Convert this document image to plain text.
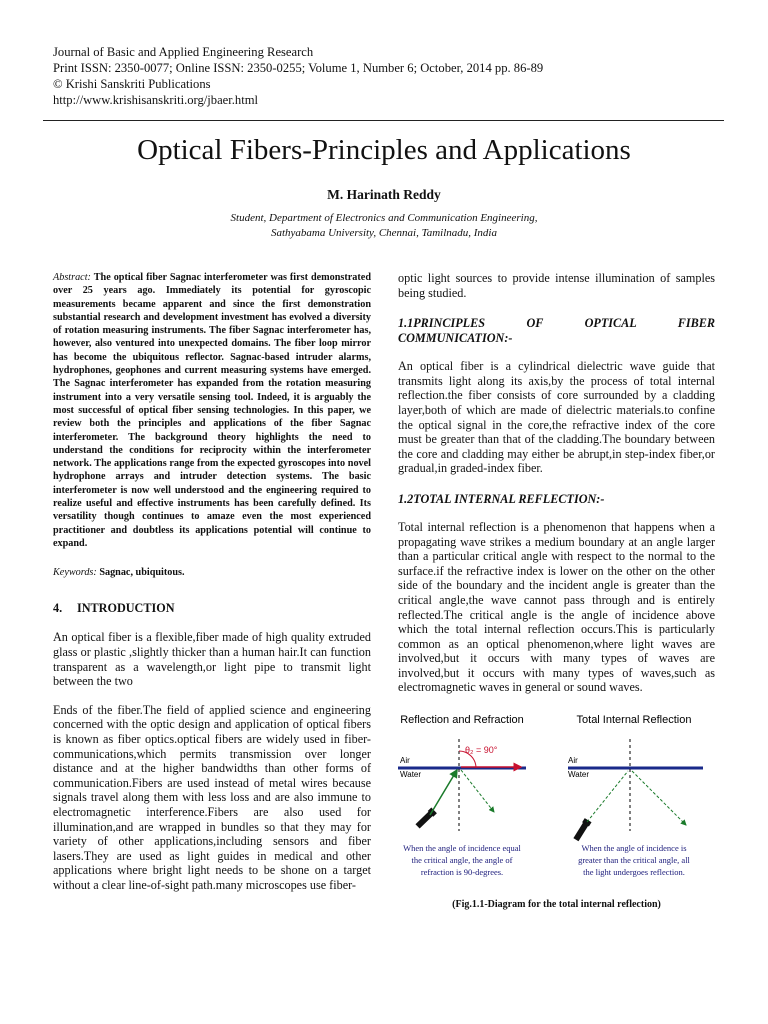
Journal of Basic and Applied Engineering Research
Print ISSN: 2350-0077; Online ISSN: 2350-0255; Volume 1, Number 6; October, 2014 pp. 86-89
© Krishi Sanskriti Publications
http://www.krishisanskriti.org/jbaer.html
Optical Fibers-Principles and Applications
M. Harinath Reddy
Student, Department of Electronics and Communication Engineering,
Sathyabama University, Chennai, Tamilnadu, India

Abstract: The optical fiber Sagnac interferometer was first demonstrated over 25 years ago. Immediately its potential for gyroscopic measurements became apparent and since the first demonstration substantial research and development investment has evolved a diversity of rotation measuring instruments. The fiber Sagnac interferometer has, however, also ventured into unexpected domains. The fiber loop mirror has become the ubiquitous reflector. Sagnac-based intruder alarms, hydrophones, geophones and current measuring systems have emerged. The Sagnac interferometer has expanded from the rotation measuring instrument into a very versatile sensing tool. Indeed, it is arguably the most successful of optical fiber sensing technologies. In this paper, we review both the principles and applications of the fiber Sagnac interferometer. The background theory highlights the need to understand the conditions for reciprocity within the interferometer network. The applications range from the expected gyroscopes into novel hydrophone arrays and intruder detection systems. The basic interferometer is now well understood and the engineering required to realize useful and effective instruments has been carefully defined. Its versatility though continues to amaze even the most experienced practitioner and doubtless its applications potential will continue to expand.

Keywords: Sagnac, ubiquitous.

4. INTRODUCTION

An optical fiber is a flexible,fiber made of high quality extruded glass or plastic ,slightly thicker than a human hair.It can function transparent as a wavelength,or light pipe to transmit light between the two

Ends of the fiber.The field of applied science and engineering concerned with the optic design and application of optical fibers is known as fiber optics.optical fibers are widely used in fiber-communications,which permits transmission over longer distance and at the higher bandwidths than other forms of communication.Fibers are used instead of metal wires because signals travel along them with less loss and are also immune to electromagnetic interference.Fibers are also used for illumination,and are wrapped in bundles so that they may for variety of other applications,including sensors and fiber lasers.They are used as light guides in medical and other applications where bright light needs to be shone on a target without a clear line-of-sight path.many microscopes use fiber-

optic light sources to provide intense illumination of samples being studied.

1.1PRINCIPLES OF OPTICAL FIBER COMMUNICATION:-

An optical fiber is a cylindrical dielectric wave guide that transmits light along its axis,by the process of total internal reflection.the fiber consists of core surrounded by a cladding layer,both of which are made of dielectric materials.to confine the optical signal in the core,the refractive index of the core must be greater than that of the cladding.The boundary between the core and cladding may either be abrupt,in step-index fiber,or gradual,in graded-index fiber.

1.2TOTAL INTERNAL REFLECTION:-

Total internal reflection is a phenomenon that happens when a propagating wave strikes a medium boundary at an angle larger than a particular critical angle with respect to the normal to the surface.if the refractive index is lower on the other on the other side of the boundary and the incident angle is greater than the critical angle,the wave cannot pass through and is entirely reflected.The critical angle is the angle of incidence above which the total internal reflection occurs.This is particularly common as an optical phenomenon,where light waves are involved,but it occurs with many types of waves are involved,but it occurs with many types of waves,such as electromagnetic waves in general or sound waves.

Reflection and Refraction
Air
Water
θ₂ = 90°
When the angle of incidence equal
the critical angle, the angle of
refraction is 90-degrees.
Total Internal Reflection
Air
Water
When the angle of incidence is
greater than the critical angle, all
the light undergoes reflection.
(Fig.1.1-Diagram for the total internal reflection)
